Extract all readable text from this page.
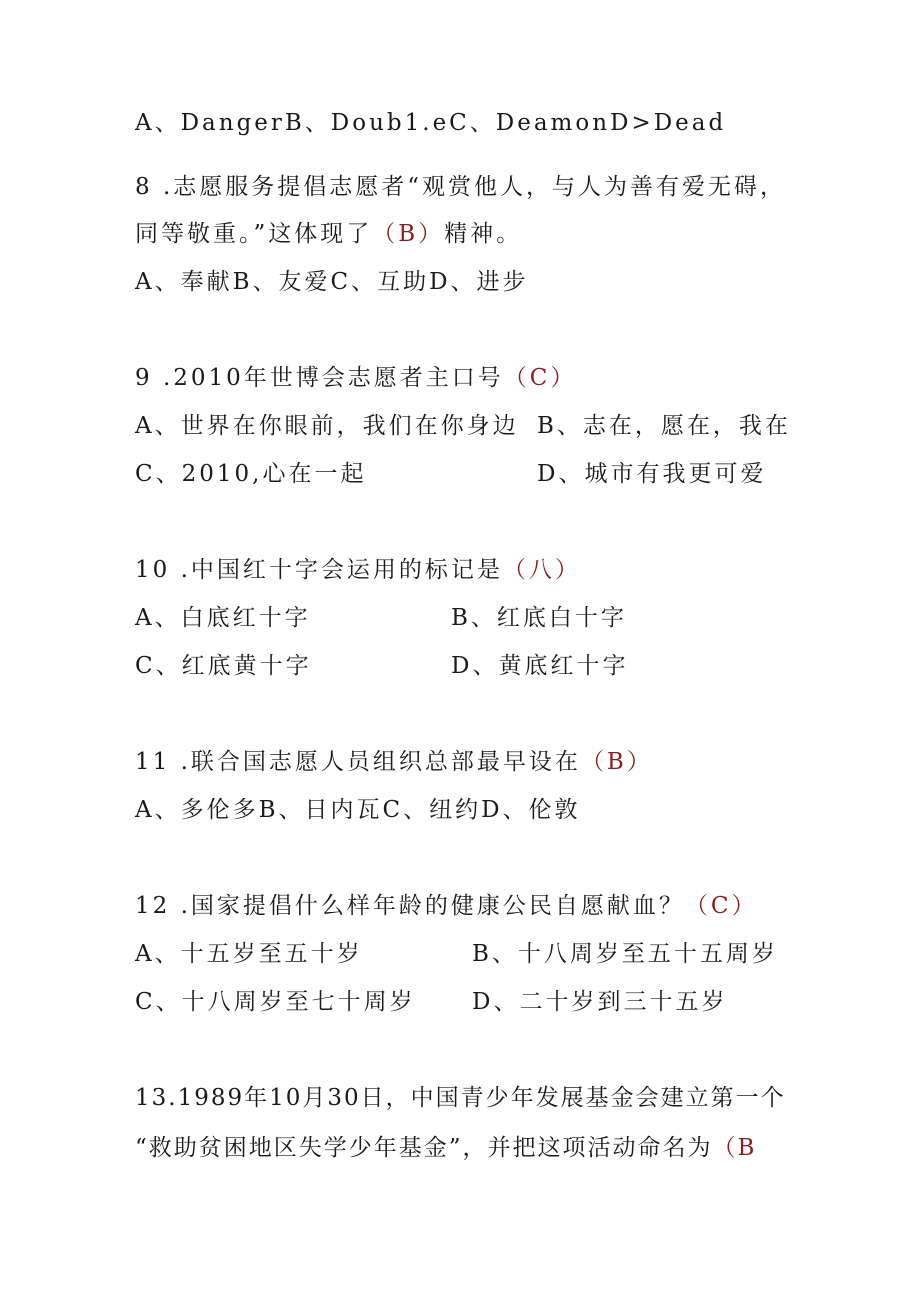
A、DangerB、Doub1.eC、DeamonD>Dead
8 .志愿服务提倡志愿者“观赏他人，与人为善有爱无碍，
同等敬重。”这体现了（B）精神。
A、奉献B、友爱C、互助D、进步
9 .2010年世博会志愿者主口号（C）
A、世界在你眼前，我们在你身边 B、志在，愿在，我在
C、2010,心在一起	D、城市有我更可爱
10 .中国红十字会运用的标记是（八）
A、白底红十字	B、红底白十字
C、红底黄十字	D、黄底红十字
11 .联合国志愿人员组织总部最早设在（B）
A、多伦多B、日内瓦C、纽约D、伦敦
12 .国家提倡什么样年龄的健康公民自愿献血？（C）
A、十五岁至五十岁	B、十八周岁至五十五周岁
C、十八周岁至七十周岁 D、二十岁到三十五岁
13.1989年10月30日，中国青少年发展基金会建立第一个
“救助贫困地区失学少年基金”，并把这项活动命名为（B
